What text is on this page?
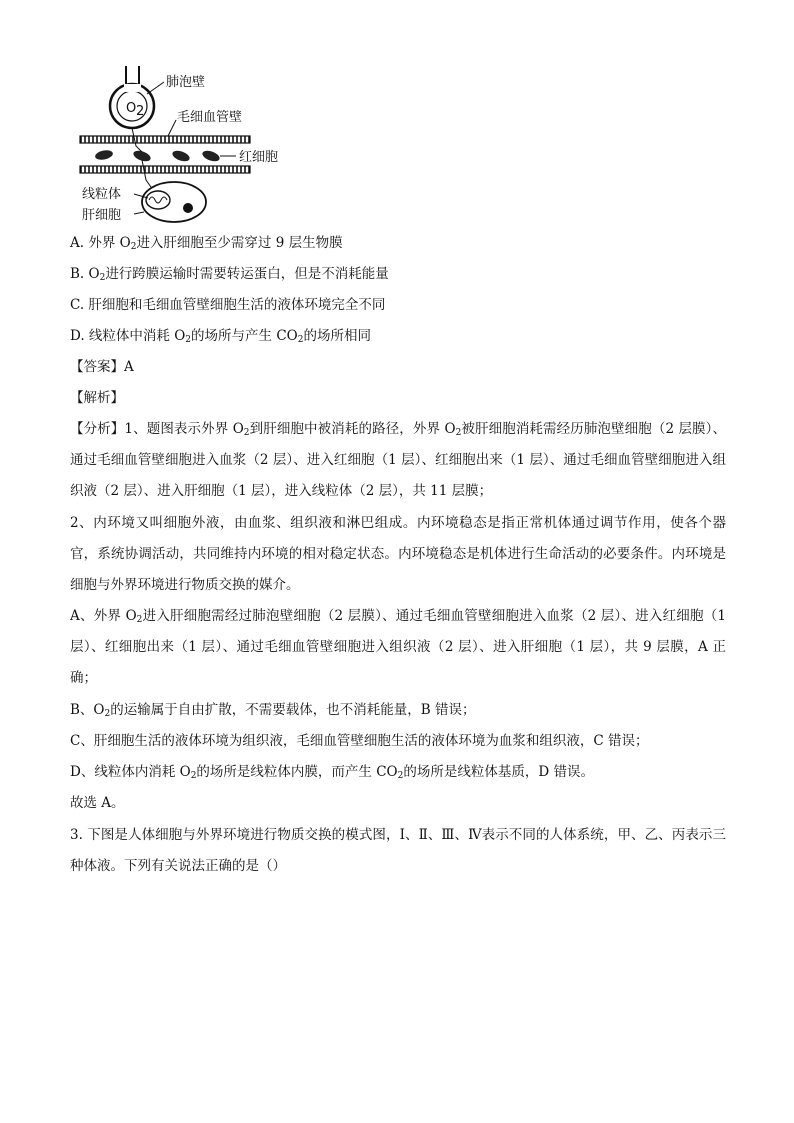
O 2
肺泡壁
毛细血管壁
红细胞
线粒体
肝细胞
A. 外界 $O_2$进入肝细胞至少需穿过 9 层生物膜
B. $O_2$进行跨膜运输时需要转运蛋白，但是不消耗能量
C. 肝细胞和毛细血管壁细胞生活的液体环境完全不同
D. 线粒体中消耗 $O_2$的场所与产生 $CO_2$的场所相同
【答案】A
【解析】
【分析】1、题图表示外界 $O_2$到肝细胞中被消耗的路径，外界 $O_2$被肝细胞消耗需经历肺泡壁细胞（2 层膜）、通过毛细血管壁细胞进入血浆（2 层）、进入红细胞（1 层）、红细胞出来（1 层）、通过毛细血管壁细胞进入组织液（2 层）、进入肝细胞（1 层），进入线粒体（2 层），共 11 层膜；
2、内环境又叫细胞外液，由血浆、组织液和淋巴组成。内环境稳态是指正常机体通过调节作用，使各个器官，系统协调活动，共同维持内环境的相对稳定状态。内环境稳态是机体进行生命活动的必要条件。内环境是细胞与外界环境进行物质交换的媒介。
A、外界 $O_2$进入肝细胞需经过肺泡壁细胞（2 层膜）、通过毛细血管壁细胞进入血浆（2 层）、进入红细胞（1 层）、红细胞出来（1 层）、通过毛细血管壁细胞进入组织液（2 层）、进入肝细胞（1 层），共 9 层膜，A 正确；
B、$O_2$的运输属于自由扩散，不需要载体，也不消耗能量，B 错误；
C、肝细胞生活的液体环境为组织液，毛细血管壁细胞生活的液体环境为血浆和组织液，C 错误；
D、线粒体内消耗 $O_2$的场所是线粒体内膜，而产生 $CO_2$的场所是线粒体基质，D 错误。
故选 A。
3. 下图是人体细胞与外界环境进行物质交换的模式图，Ⅰ、Ⅱ、Ⅲ、Ⅳ表示不同的人体系统，甲、乙、丙表示三种体液。下列有关说法正确的是（）
